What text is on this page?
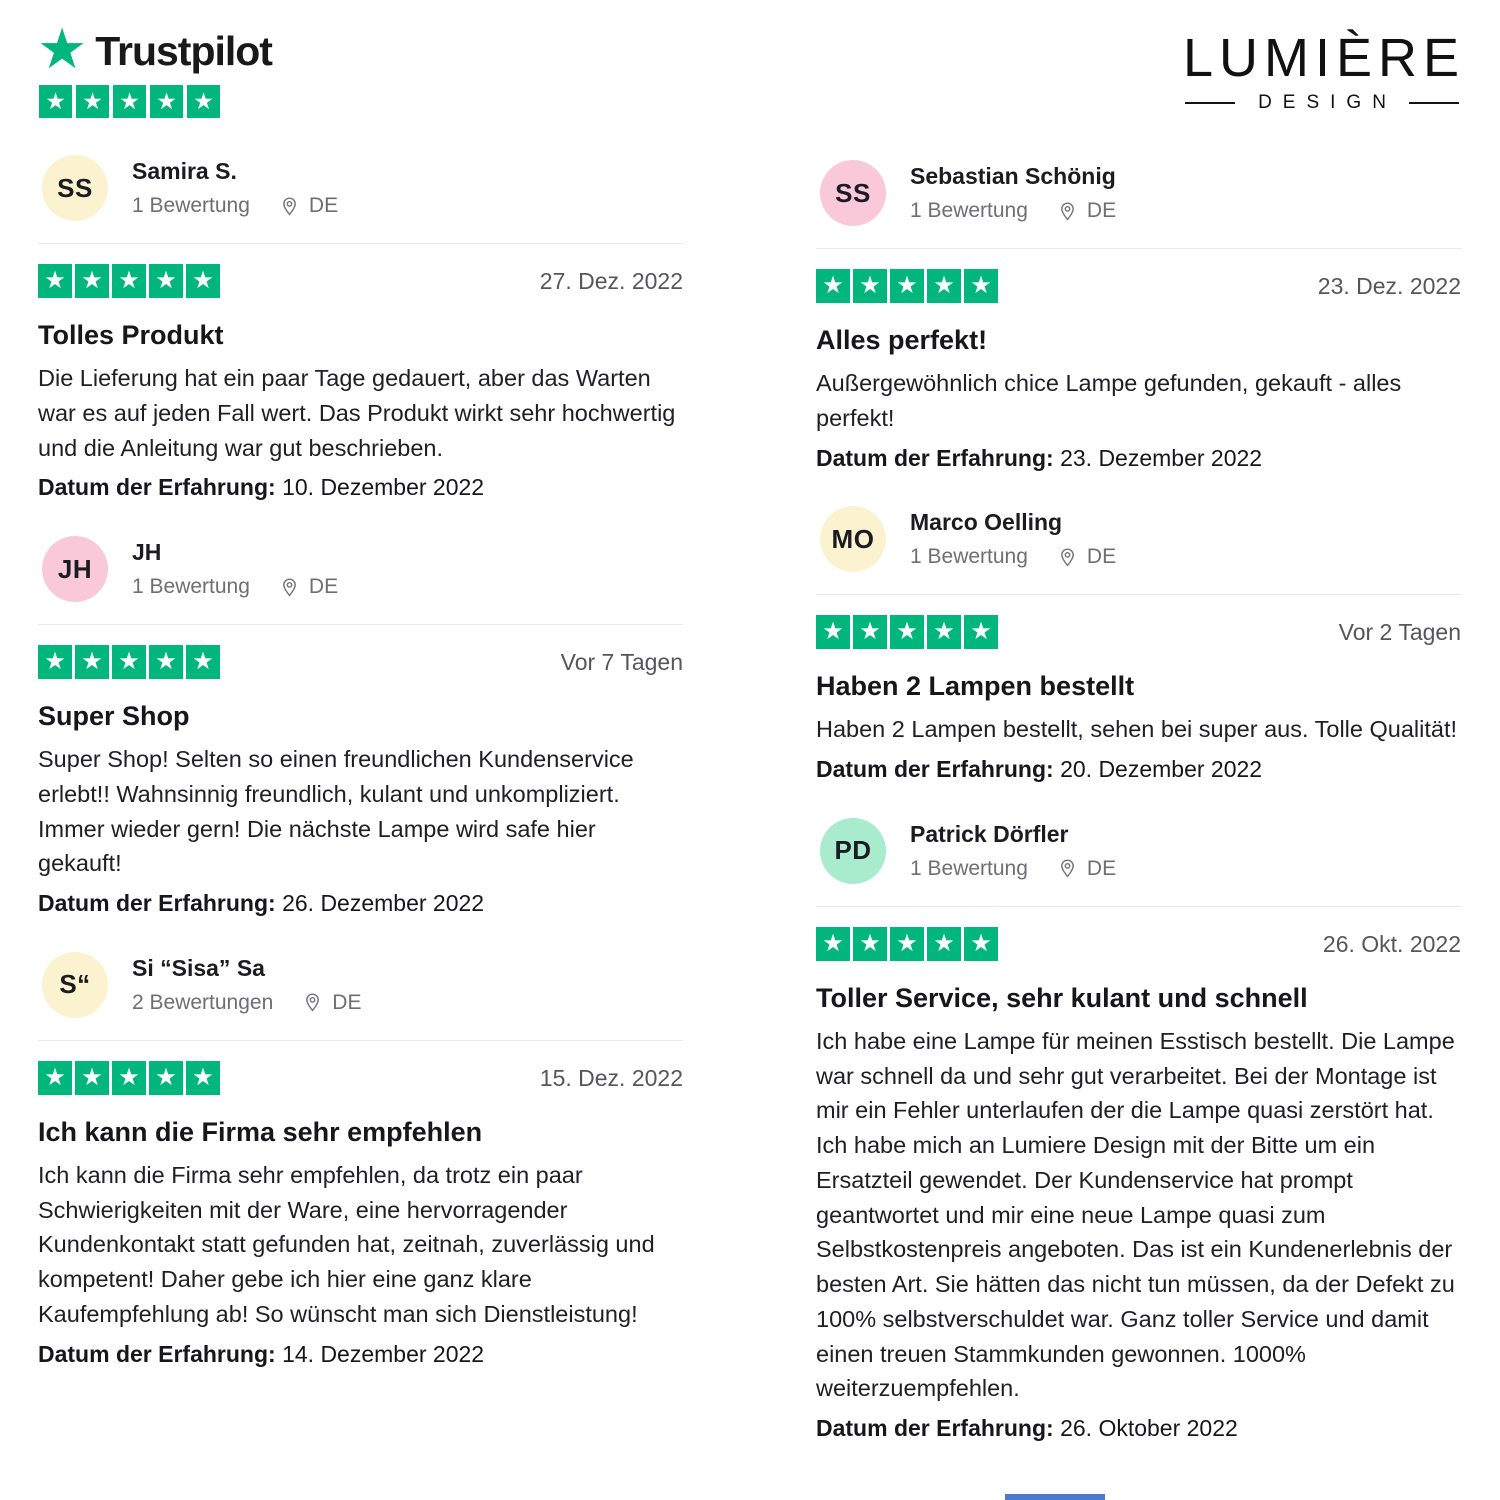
★ Trustpilot
★ ★ ★ ★ ★
LUMIÈRE
DESIGN
SS
Samira S.
1 Bewertung	DE
★ ★ ★ ★ ★	27. Dez. 2022
Tolles Produkt
Die Lieferung hat ein paar Tage gedauert, aber das Warten war es auf jeden Fall wert. Das Produkt wirkt sehr hochwertig und die Anleitung war gut beschrieben.
Datum der Erfahrung: 10. Dezember 2022
JH
JH
1 Bewertung	DE
★ ★ ★ ★ ★	Vor 7 Tagen
Super Shop
Super Shop! Selten so einen freundlichen Kundenservice erlebt!! Wahnsinnig freundlich, kulant und unkompliziert. Immer wieder gern! Die nächste Lampe wird safe hier gekauft!
Datum der Erfahrung: 26. Dezember 2022
S“
Si “Sisa” Sa
2 Bewertungen	DE
★ ★ ★ ★ ★	15. Dez. 2022
Ich kann die Firma sehr empfehlen
Ich kann die Firma sehr empfehlen, da trotz ein paar Schwierigkeiten mit der Ware, eine hervorragender Kundenkontakt statt gefunden hat, zeitnah, zuverlässig und kompetent! Daher gebe ich hier eine ganz klare Kaufempfehlung ab! So wünscht man sich Dienstleistung!
Datum der Erfahrung: 14. Dezember 2022
SS
Sebastian Schönig
1 Bewertung	DE
★ ★ ★ ★ ★	23. Dez. 2022
Alles perfekt!
Außergewöhnlich chice Lampe gefunden, gekauft - alles perfekt!
Datum der Erfahrung: 23. Dezember 2022
MO
Marco Oelling
1 Bewertung	DE
★ ★ ★ ★ ★	Vor 2 Tagen
Haben 2 Lampen bestellt
Haben 2 Lampen bestellt, sehen bei super aus. Tolle Qualität!
Datum der Erfahrung: 20. Dezember 2022
PD
Patrick Dörfler
1 Bewertung	DE
★ ★ ★ ★ ★	26. Okt. 2022
Toller Service, sehr kulant und schnell
Ich habe eine Lampe für meinen Esstisch bestellt. Die Lampe war schnell da und sehr gut verarbeitet. Bei der Montage ist mir ein Fehler unterlaufen der die Lampe quasi zerstört hat. Ich habe mich an Lumiere Design mit der Bitte um ein Ersatzteil gewendet. Der Kundenservice hat prompt geantwortet und mir eine neue Lampe quasi zum Selbstkostenpreis angeboten. Das ist ein Kundenerlebnis der besten Art. Sie hätten das nicht tun müssen, da der Defekt zu 100% selbstverschuldet war. Ganz toller Service und damit einen treuen Stammkunden gewonnen. 1000% weiterzuempfehlen.
Datum der Erfahrung: 26. Oktober 2022
